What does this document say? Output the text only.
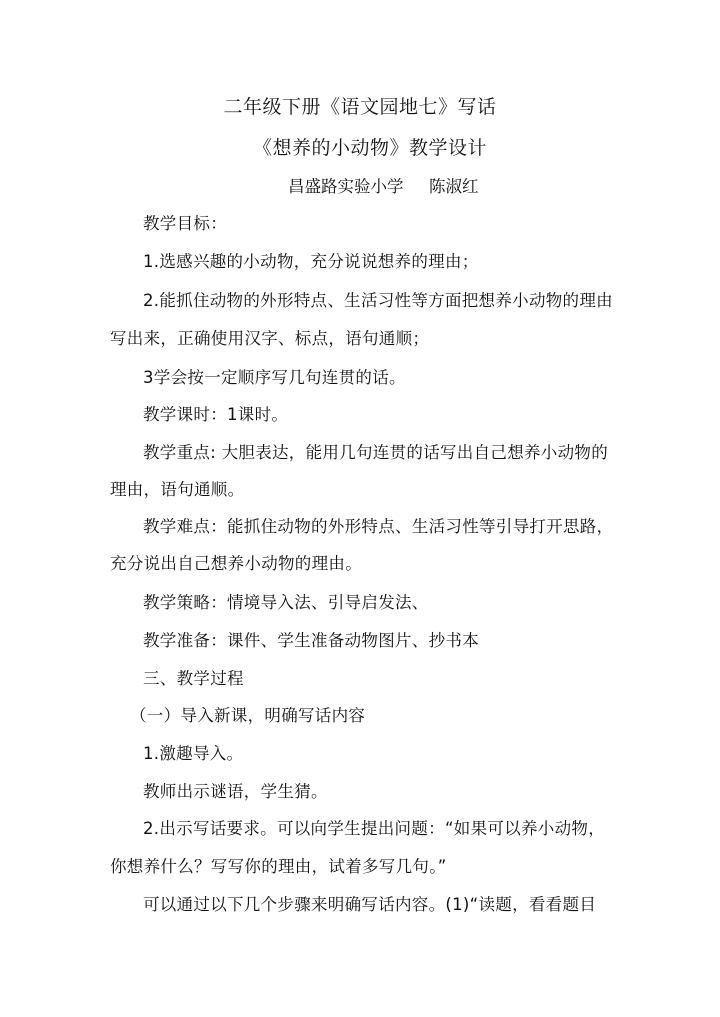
二年级下册《语文园地七》写话
《想养的小动物》教学设计
昌盛路实验小学 陈淑红
教学目标：
1.选感兴趣的小动物，充分说说想养的理由；
2.能抓住动物的外形特点、生活习性等方面把想养小动物的理由
写出来，正确使用汉字、标点，语句通顺；
3学会按一定顺序写几句连贯的话。
教学课时：1课时。
教学重点: 大胆表达，能用几句连贯的话写出自己想养小动物的
理由，语句通顺。
教学难点：能抓住动物的外形特点、生活习性等引导打开思路，
充分说出自己想养小动物的理由。
教学策略：情境导入法、引导启发法、
教学准备：课件、学生准备动物图片、抄书本
三、教学过程
（一）导入新课，明确写话内容
1.激趣导入。
教师出示谜语，学生猜。
2.出示写话要求。可以向学生提出问题：“如果可以养小动物，
你想养什么？写写你的理由，试着多写几句。”
可以通过以下几个步骤来明确写话内容。(1)“读题，看看题目
